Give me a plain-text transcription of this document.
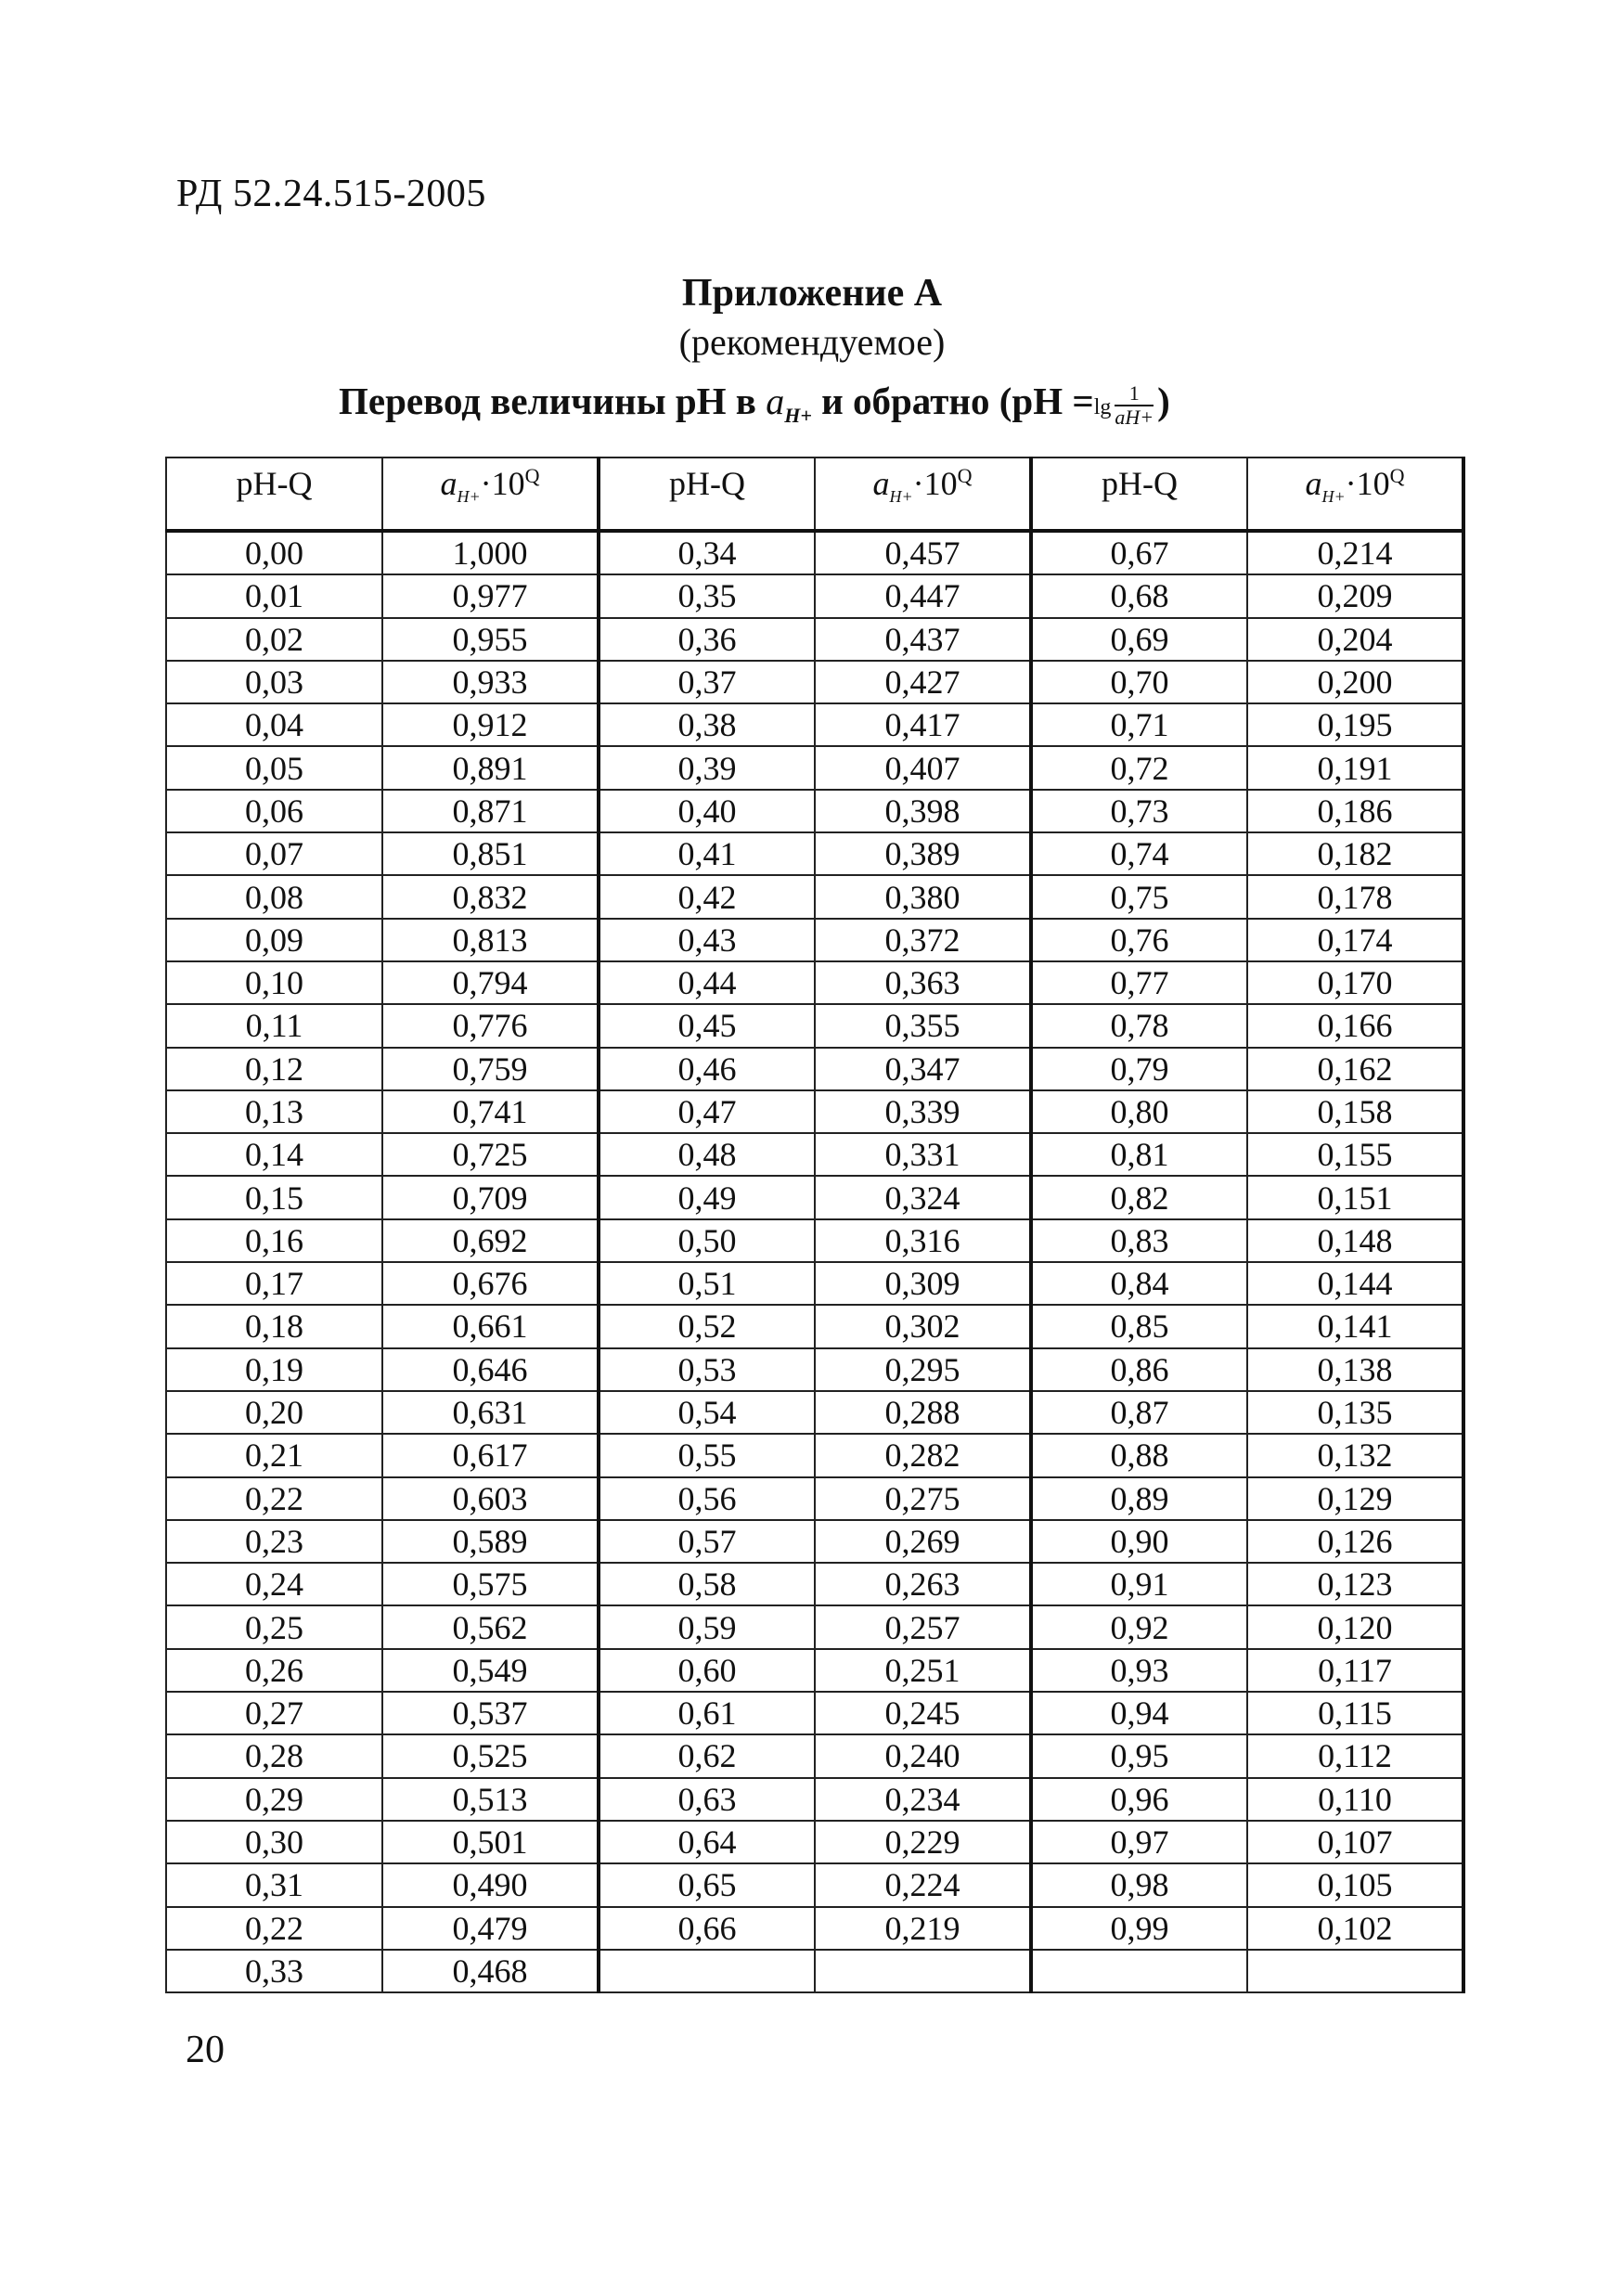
РД 52.24.515-2005
Приложение А
(рекомендуемое)
Перевод величины pH в $a_{H+}$ и обратно ($pH =\lg \frac{1}{aH+}$ )
pH-Q	$a_{H+}\cdot 10^Q$	pH-Q	$a_{H+}\cdot 10^Q$	pH-Q	$a_{H+}\cdot 10^Q$
0,00	1,000	0,34	0,457	0,67	0,214
0,01	0,977	0,35	0,447	0,68	0,209
0,02	0,955	0,36	0,437	0,69	0,204
0,03	0,933	0,37	0,427	0,70	0,200
0,04	0,912	0,38	0,417	0,71	0,195
0,05	0,891	0,39	0,407	0,72	0,191
0,06	0,871	0,40	0,398	0,73	0,186
0,07	0,851	0,41	0,389	0,74	0,182
0,08	0,832	0,42	0,380	0,75	0,178
0,09	0,813	0,43	0,372	0,76	0,174
0,10	0,794	0,44	0,363	0,77	0,170
0,11	0,776	0,45	0,355	0,78	0,166
0,12	0,759	0,46	0,347	0,79	0,162
0,13	0,741	0,47	0,339	0,80	0,158
0,14	0,725	0,48	0,331	0,81	0,155
0,15	0,709	0,49	0,324	0,82	0,151
0,16	0,692	0,50	0,316	0,83	0,148
0,17	0,676	0,51	0,309	0,84	0,144
0,18	0,661	0,52	0,302	0,85	0,141
0,19	0,646	0,53	0,295	0,86	0,138
0,20	0,631	0,54	0,288	0,87	0,135
0,21	0,617	0,55	0,282	0,88	0,132
0,22	0,603	0,56	0,275	0,89	0,129
0,23	0,589	0,57	0,269	0,90	0,126
0,24	0,575	0,58	0,263	0,91	0,123
0,25	0,562	0,59	0,257	0,92	0,120
0,26	0,549	0,60	0,251	0,93	0,117
0,27	0,537	0,61	0,245	0,94	0,115
0,28	0,525	0,62	0,240	0,95	0,112
0,29	0,513	0,63	0,234	0,96	0,110
0,30	0,501	0,64	0,229	0,97	0,107
0,31	0,490	0,65	0,224	0,98	0,105
0,22	0,479	0,66	0,219	0,99	0,102
0,33	0,468				
20
